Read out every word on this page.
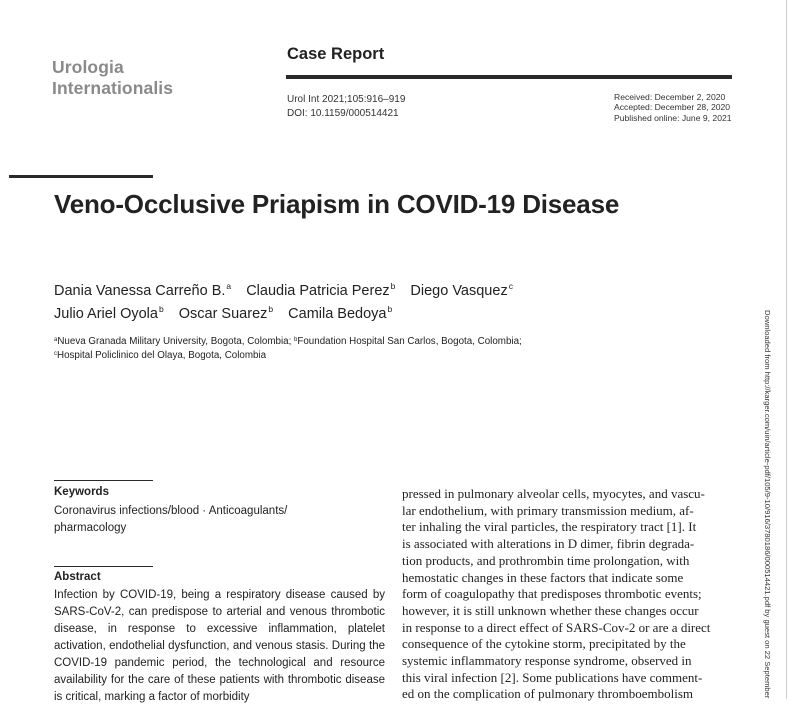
Urologia
Internationalis
Case Report
Urol Int 2021;105:916–919
DOI: 10.1159/000514421
Received: December 2, 2020
Accepted: December 28, 2020
Published online: June 9, 2021
Veno-Occlusive Priapism in COVID-19 Disease
Dania Vanessa Carreño B.$^a$ Claudia Patricia Perez$^b$ Diego Vasquez$^c$
Julio Ariel Oyola$^b$ Oscar Suarez$^b$ Camila Bedoya$^b$
$^a$Nueva Granada Military University, Bogota, Colombia; $^b$Foundation Hospital San Carlos, Bogota, Colombia;
$^c$Hospital Policlinico del Olaya, Bogota, Colombia
Keywords
Coronavirus infections/blood · Anticoagulants/ pharmacology
Abstract
Infection by COVID-19, being a respiratory disease caused by SARS-CoV-2, can predispose to arterial and venous thrombotic disease, in response to excessive inflammation, platelet activation, endothelial dysfunction, and venous stasis. During the COVID-19 pandemic period, the technological and resource availability for the care of these patients with thrombotic disease is critical, marking a factor of morbidity
pressed in pulmonary alveolar cells, myocytes, and vascu-
lar endothelium, with primary transmission medium, af-
ter inhaling the viral particles, the respiratory tract [1]. It
is associated with alterations in D dimer, fibrin degrada-
tion products, and prothrombin time prolongation, with
hemostatic changes in these factors that indicate some
form of coagulopathy that predisposes thrombotic events;
however, it is still unknown whether these changes occur
in response to a direct effect of SARS-Cov-2 or are a direct
consequence of the cytokine storm, precipitated by the
systemic inflammatory response syndrome, observed in
this viral infection [2]. Some publications have comment-
ed on the complication of pulmonary thromboembolism	Downloaded from http://karger.com/uin/article-pdf/105/9-10/916/3780186/000514421.pdf by guest on 22 September
